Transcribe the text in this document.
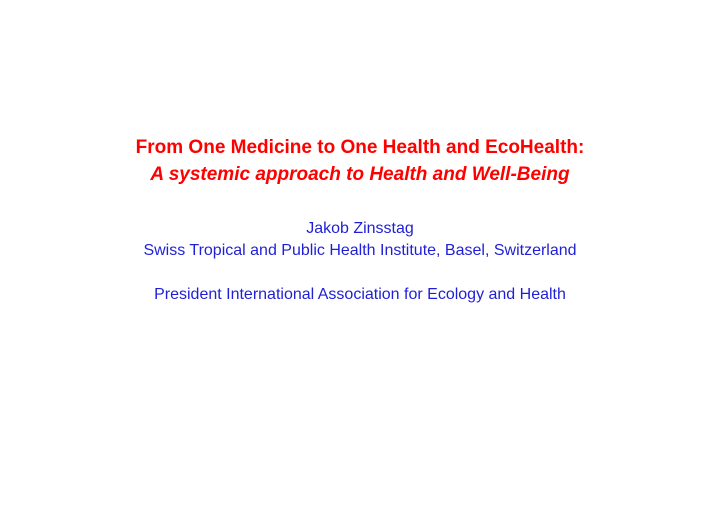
From One Medicine to One Health and EcoHealth:
A systemic approach to Health and Well-Being
Jakob Zinsstag
Swiss Tropical and Public Health Institute, Basel, Switzerland
President International Association for Ecology and Health
